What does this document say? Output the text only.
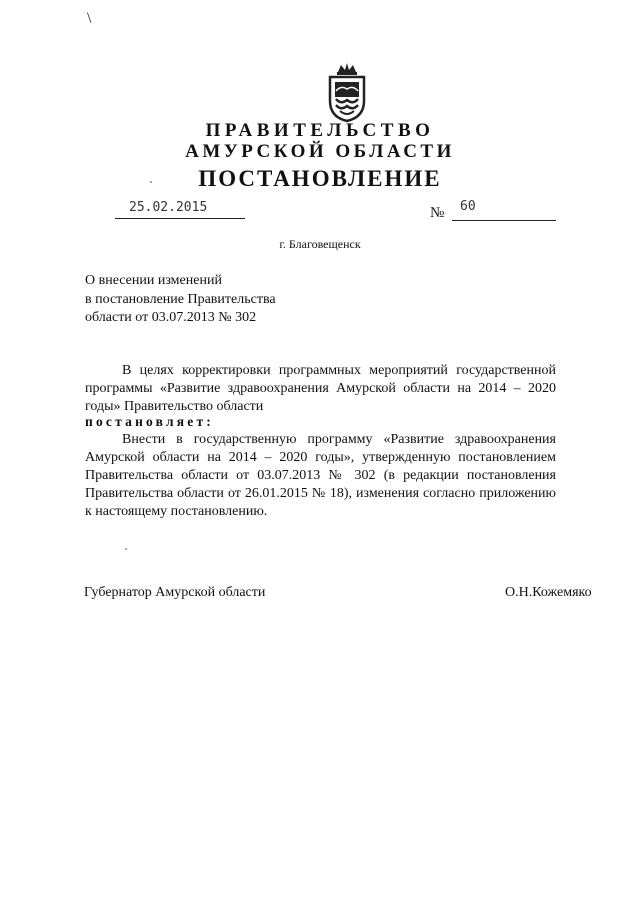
\
ПРАВИТЕЛЬСТВО
АМУРСКОЙ ОБЛАСТИ
ПОСТАНОВЛЕНИЕ
25.02.2015	№ 60
г. Благовещенск
О внесении изменений
в постановление Правительства
области от 03.07.2013 № 302
В целях корректировки программных мероприятий государственной программы «Развитие здравоохранения Амурской области на 2014 – 2020 годы» Правительство области
постановляет:
Внести в государственную программу «Развитие здравоохранения Амурской области на 2014 – 2020 годы», утвержденную постановлением Правительства области от 03.07.2013 № 302 (в редакции постановления Правительства области от 26.01.2015 № 18), изменения согласно приложению к настоящему постановлению.
Губернатор Амурской области	О.Н.Кожемяко
